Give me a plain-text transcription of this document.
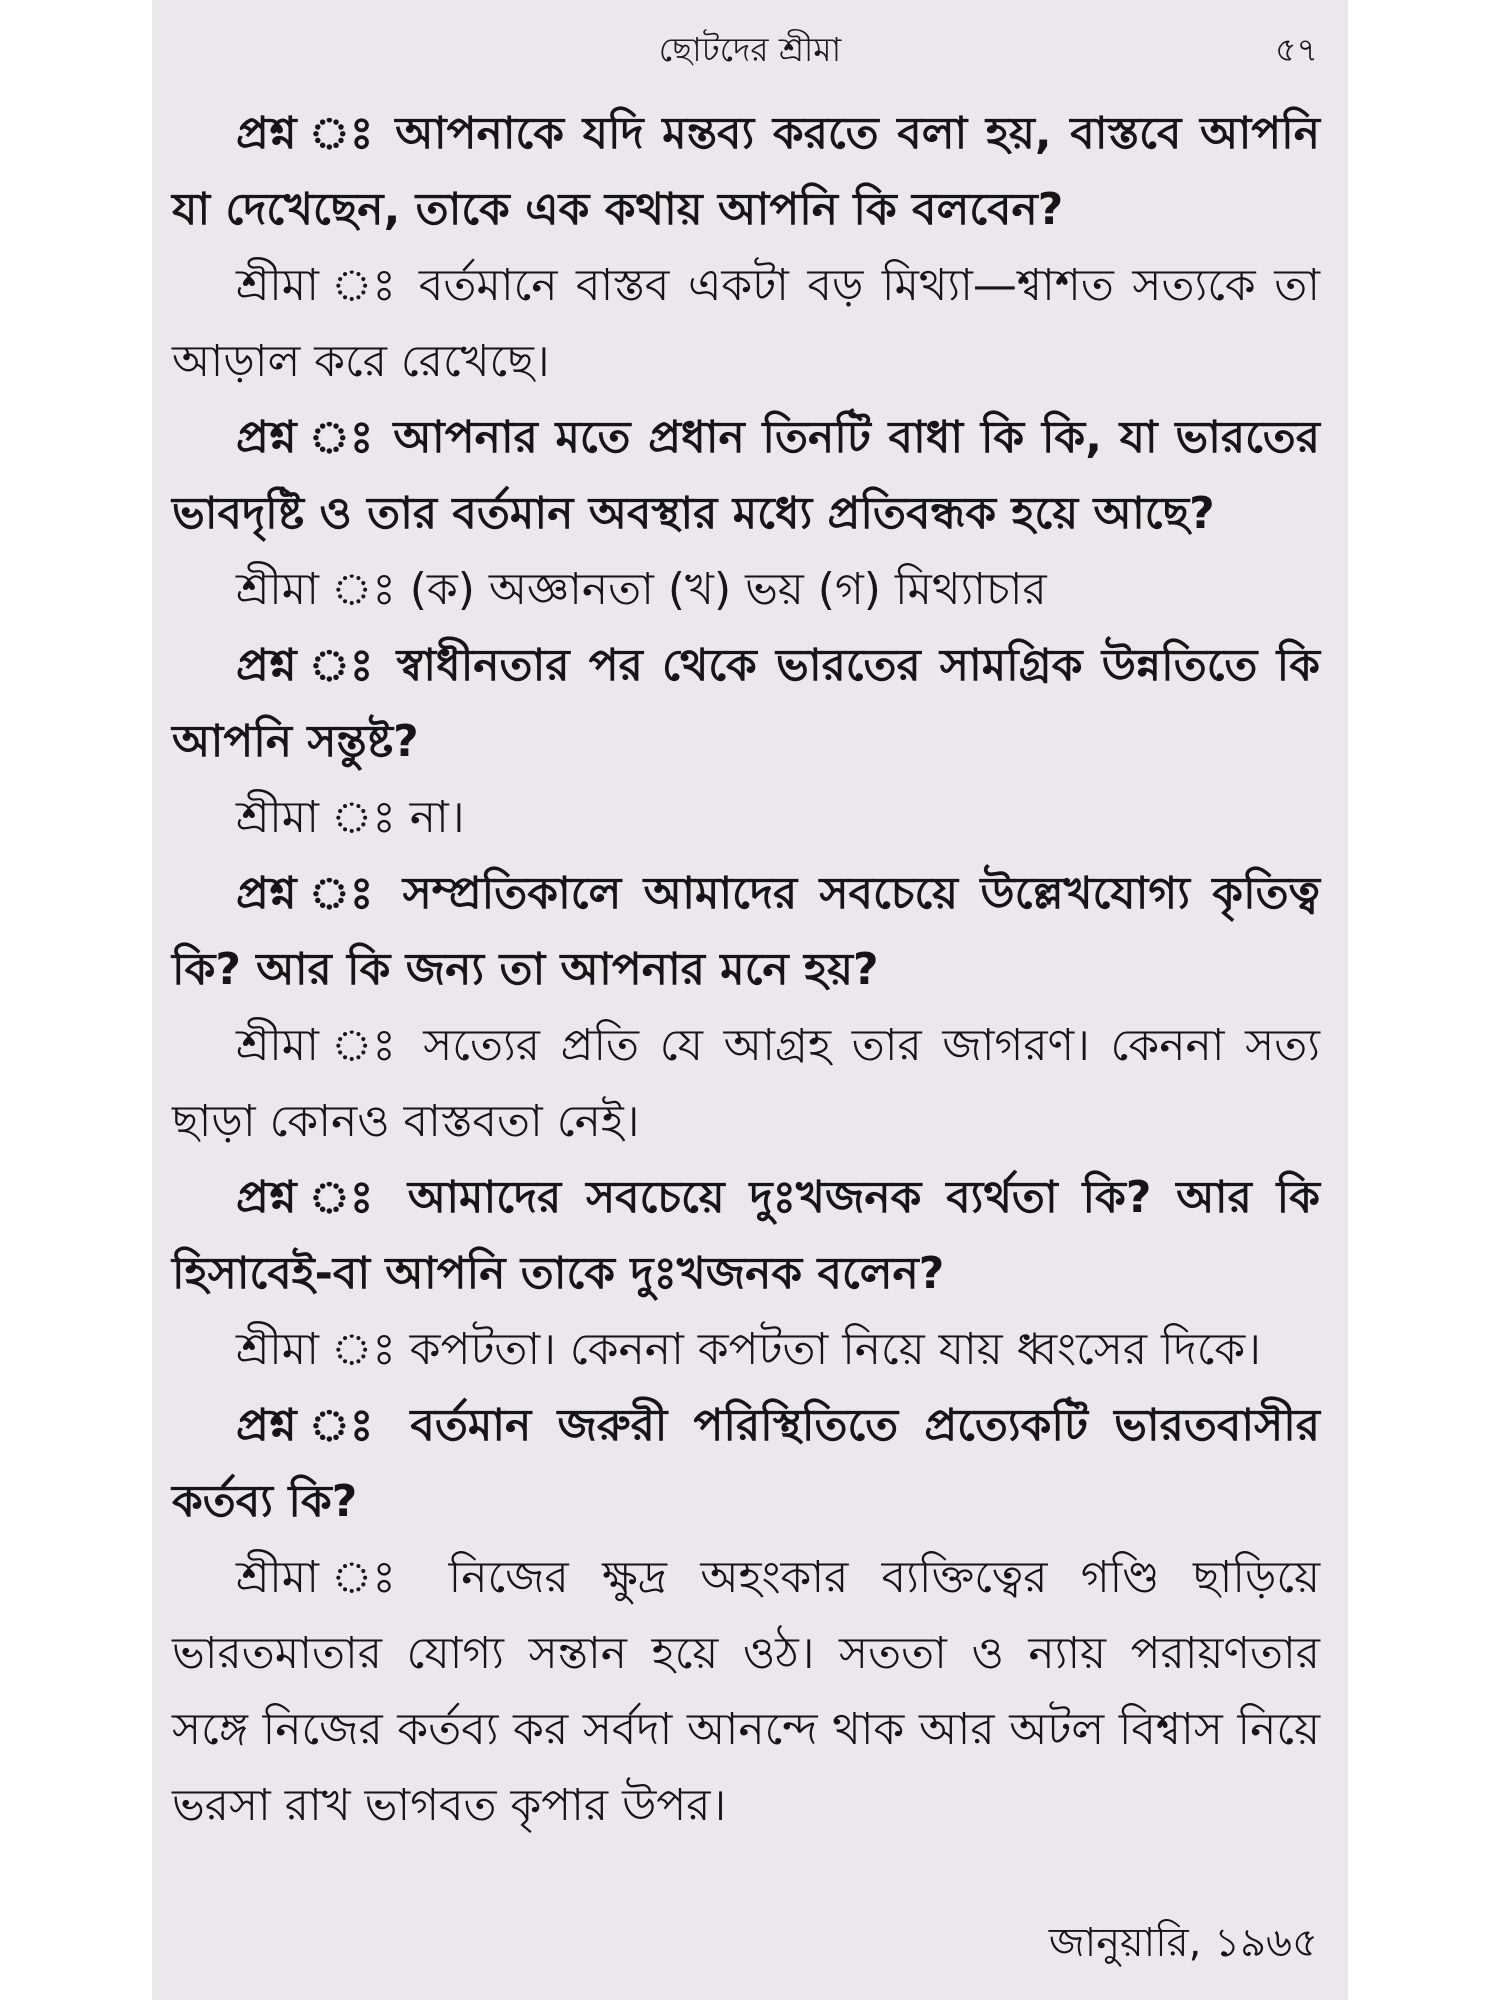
ছোটদের শ্রীমা	৫৭

প্রশ্ন ঃ আপনাকে যদি মন্তব্য করতে বলা হয়, বাস্তবে আপনি যা দেখেছেন, তাকে এক কথায় আপনি কি বলবেন?

শ্রীমা ঃ বর্তমানে বাস্তব একটা বড় মিথ্যা—শ্বাশত সত্যকে তা আড়াল করে রেখেছে।

প্রশ্ন ঃ আপনার মতে প্রধান তিনটি বাধা কি কি, যা ভারতের ভাবদৃষ্টি ও তার বর্তমান অবস্থার মধ্যে প্রতিবন্ধক হয়ে আছে?

শ্রীমা ঃ (ক) অজ্ঞানতা (খ) ভয় (গ) মিথ্যাচার

প্রশ্ন ঃ স্বাধীনতার পর থেকে ভারতের সামগ্রিক উন্নতিতে কি আপনি সন্তুষ্ট?

শ্রীমা ঃ না।

প্রশ্ন ঃ সম্প্রতিকালে আমাদের সবচেয়ে উল্লেখযোগ্য কৃতিত্ব কি? আর কি জন্য তা আপনার মনে হয়?

শ্রীমা ঃ সত্যের প্রতি যে আগ্রহ তার জাগরণ। কেননা সত্য ছাড়া কোনও বাস্তবতা নেই।

প্রশ্ন ঃ আমাদের সবচেয়ে দুঃখজনক ব্যর্থতা কি? আর কি হিসাবেই-বা আপনি তাকে দুঃখজনক বলেন?

শ্রীমা ঃ কপটতা। কেননা কপটতা নিয়ে যায় ধ্বংসের দিকে।

প্রশ্ন ঃ বর্তমান জরুরী পরিস্থিতিতে প্রত্যেকটি ভারতবাসীর কর্তব্য কি?

শ্রীমা ঃ নিজের ক্ষুদ্র অহংকার ব্যক্তিত্বের গণ্ডি ছাড়িয়ে ভারতমাতার যোগ্য সন্তান হয়ে ওঠ। সততা ও ন্যায় পরায়ণতার সঙ্গে নিজের কর্তব্য কর সর্বদা আনন্দে থাক আর অটল বিশ্বাস নিয়ে ভরসা রাখ ভাগবত কৃপার উপর।

জানুয়ারি, ১৯৬৫
